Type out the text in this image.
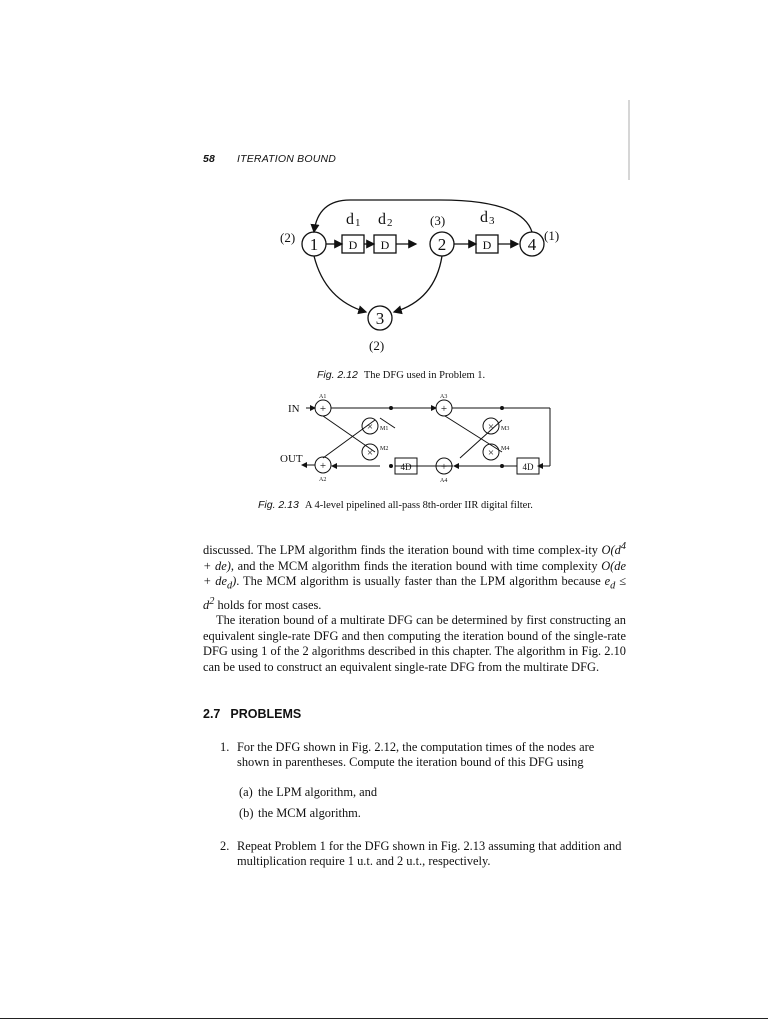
58 ITERATION BOUND
1	2
3
4
D D	D
(2)
(3)
(2)
(1)
d1 d2	d3
Fig. 2.12 The DFG used in Problem 1.
+
+
+
+
×
×
×
×
IN
OUT
A1
A2
A3
A4
M1
M2
M3
M4
4D	4D
Fig. 2.13 A 4-level pipelined all-pass 8th-order IIR digital filter.

discussed. The LPM algorithm finds the iteration bound with time complex-ity $O(d^4 + de)$, and the MCM algorithm finds the iteration bound with time complexity $O(de + de_d)$. The MCM algorithm is usually faster than the LPM algorithm because $e_d \le d^2$ holds for most cases.

The iteration bound of a multirate DFG can be determined by first constructing an equivalent single-rate DFG and then computing the iteration bound of the single-rate DFG using 1 of the 2 algorithms described in this chapter. The algorithm in Fig. 2.10 can be used to construct an equivalent single-rate DFG from the multirate DFG.

2.7 PROBLEMS
1. For the DFG shown in Fig. 2.12, the computation times of the nodes are shown in parentheses. Compute the iteration bound of this DFG using
(a) the LPM algorithm, and
(b) the MCM algorithm.
2. Repeat Problem 1 for the DFG shown in Fig. 2.13 assuming that addition and multiplication require 1 u.t. and 2 u.t., respectively.
